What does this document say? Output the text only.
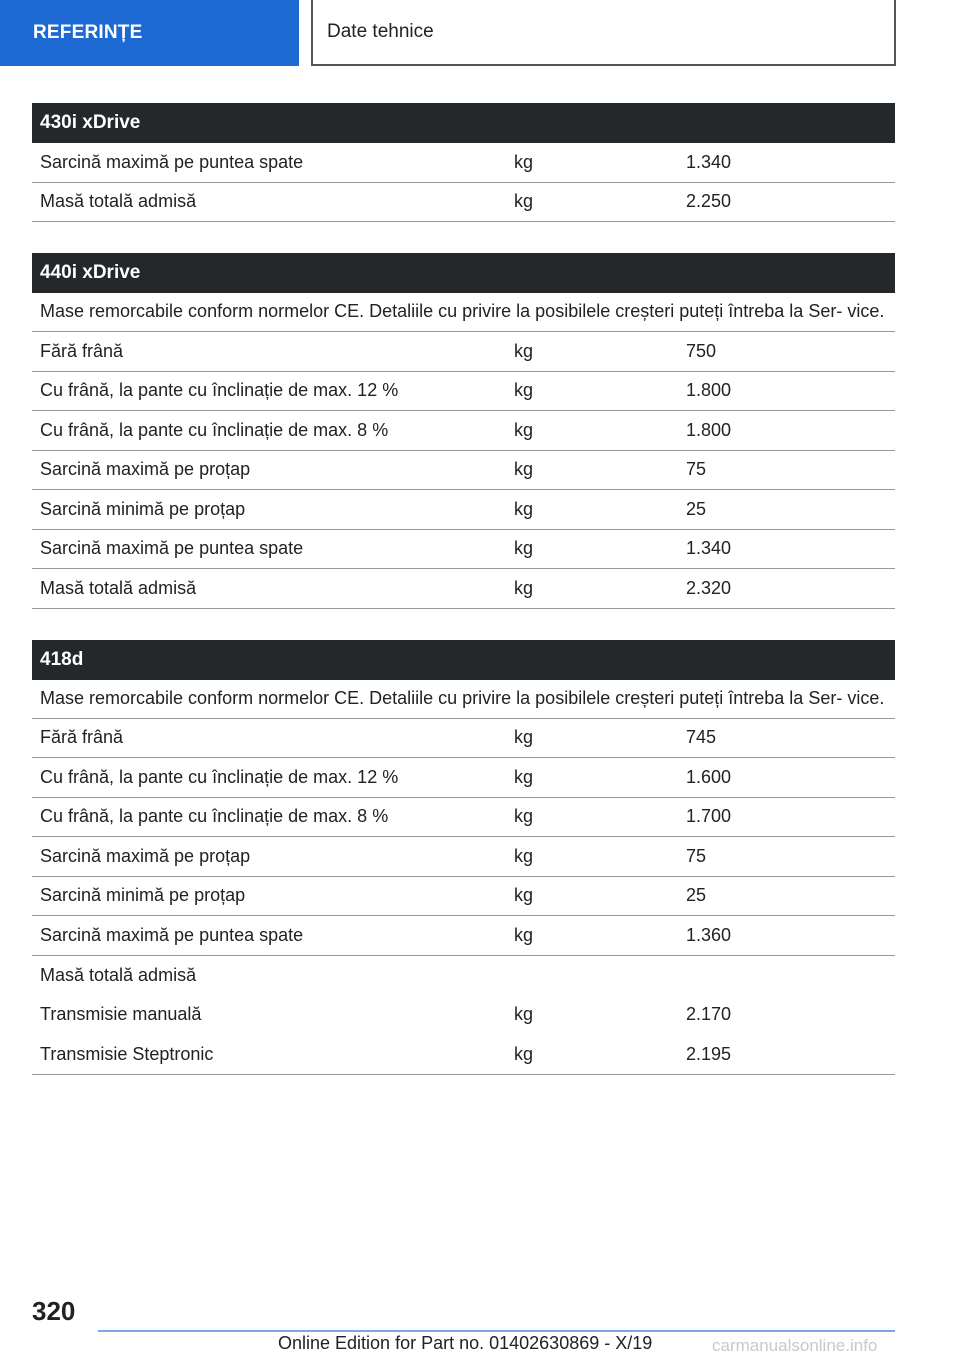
REFERINȚE	Date tehnice
430i xDrive
Sarcină maximă pe puntea spate	kg	1.340
Masă totală admisă	kg	2.250
440i xDrive
Mase remorcabile conform normelor CE. Detaliile cu privire la posibilele creșteri puteți întreba la Ser- vice.
Fără frână	kg	750
Cu frână, la pante cu înclinație de max. 12 %	kg	1.800
Cu frână, la pante cu înclinație de max. 8 %	kg	1.800
Sarcină maximă pe proțap	kg	75
Sarcină minimă pe proțap	kg	25
Sarcină maximă pe puntea spate	kg	1.340
Masă totală admisă	kg	2.320
418d
Mase remorcabile conform normelor CE. Detaliile cu privire la posibilele creșteri puteți întreba la Ser- vice.
Fără frână	kg	745
Cu frână, la pante cu înclinație de max. 12 %	kg	1.600
Cu frână, la pante cu înclinație de max. 8 %	kg	1.700
Sarcină maximă pe proțap	kg	75
Sarcină minimă pe proțap	kg	25
Sarcină maximă pe puntea spate	kg	1.360
Masă totală admisă
Transmisie manuală	kg	2.170
Transmisie Steptronic	kg	2.195
320
Online Edition for Part no. 01402630869 - X/19	carmanualsonline.info
